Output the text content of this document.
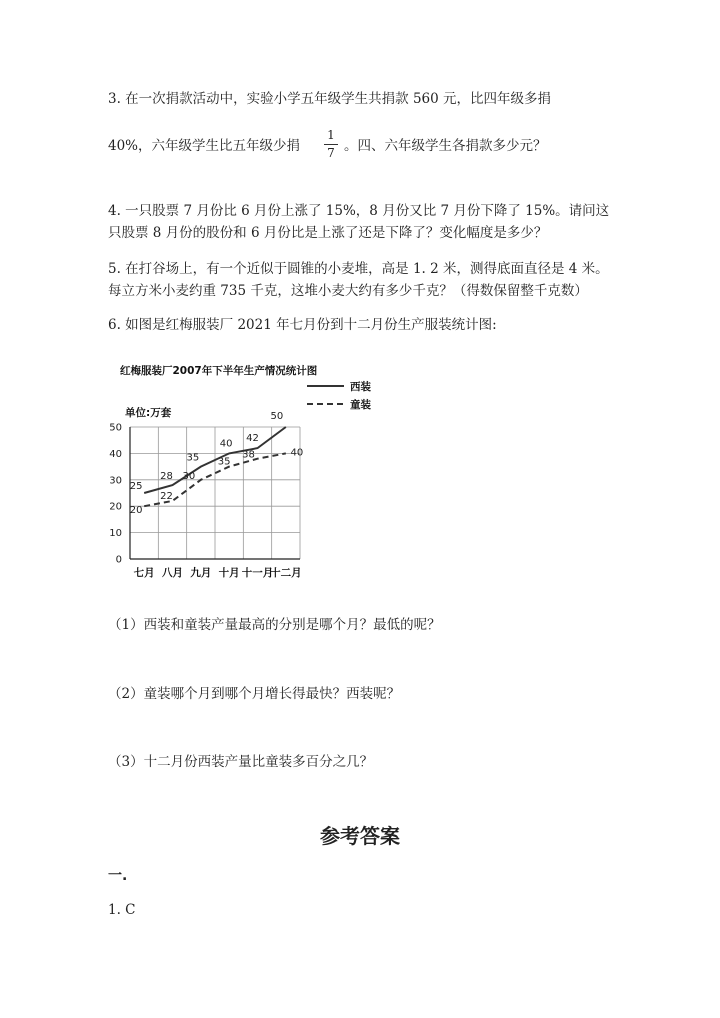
3. 在一次捐款活动中，实验小学五年级学生共捐款 560 元，比四年级多捐
40%，六年级学生比五年级少捐
1
7 。四、六年级学生各捐款多少元？
4. 一只股票 7 月份比 6 月份上涨了 15%，8 月份又比 7 月份下降了 15%。请问这只股票 8 月份的股份和 6 月份比是上涨了还是下降了？变化幅度是多少？
5. 在打谷场上，有一个近似于圆锥的小麦堆，高是 1. 2 米，测得底面直径是 4 米。每立方米小麦约重 735 千克，这堆小麦大约有多少千克？（得数保留整千克数）
6. 如图是红梅服装厂 2021 年七月份到十二月份生产服装统计图:
红梅服装厂2007年下半年生产情况统计图
单位:万套
西装
童装
0
10
20
30
40
50
七月 八月 九月 十月 十一月
十二月
25
28
35
40 42
50
20
22
30
35
38	40
（1）西装和童装产量最高的分别是哪个月？最低的呢？
（2）童装哪个月到哪个月增长得最快？西装呢？
（3）十二月份西装产量比童装多百分之几？
参考答案
一.
1. C
